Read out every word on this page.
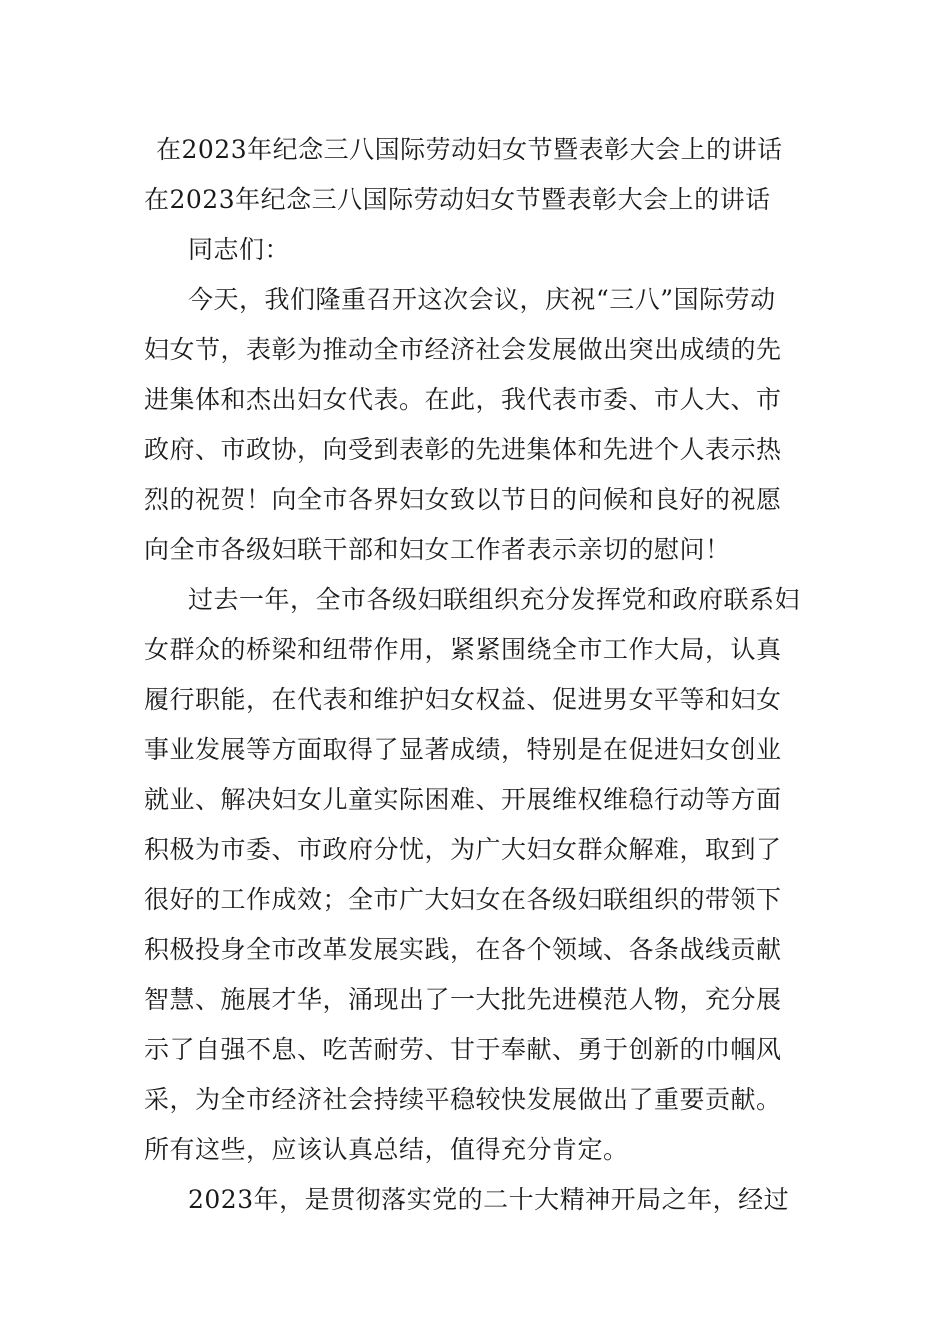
在2023年纪念三八国际劳动妇女节暨表彰大会上的讲话
在2023年纪念三八国际劳动妇女节暨表彰大会上的讲话
同志们：
今天，我们隆重召开这次会议，庆祝“三八”国际劳动
妇女节，表彰为推动全市经济社会发展做出突出成绩的先
进集体和杰出妇女代表。在此，我代表市委、市人大、市
政府、市政协，向受到表彰的先进集体和先进个人表示热
烈的祝贺！向全市各界妇女致以节日的问候和良好的祝愿
向全市各级妇联干部和妇女工作者表示亲切的慰问！
过去一年，全市各级妇联组织充分发挥党和政府联系妇
女群众的桥梁和纽带作用，紧紧围绕全市工作大局，认真
履行职能，在代表和维护妇女权益、促进男女平等和妇女
事业发展等方面取得了显著成绩，特别是在促进妇女创业
就业、解决妇女儿童实际困难、开展维权维稳行动等方面
积极为市委、市政府分忧，为广大妇女群众解难，取到了
很好的工作成效；全市广大妇女在各级妇联组织的带领下
积极投身全市改革发展实践，在各个领域、各条战线贡献
智慧、施展才华，涌现出了一大批先进模范人物，充分展
示了自强不息、吃苦耐劳、甘于奉献、勇于创新的巾帼风
采，为全市经济社会持续平稳较快发展做出了重要贡献。
所有这些，应该认真总结，值得充分肯定。
2023年，是贯彻落实党的二十大精神开局之年，经过
